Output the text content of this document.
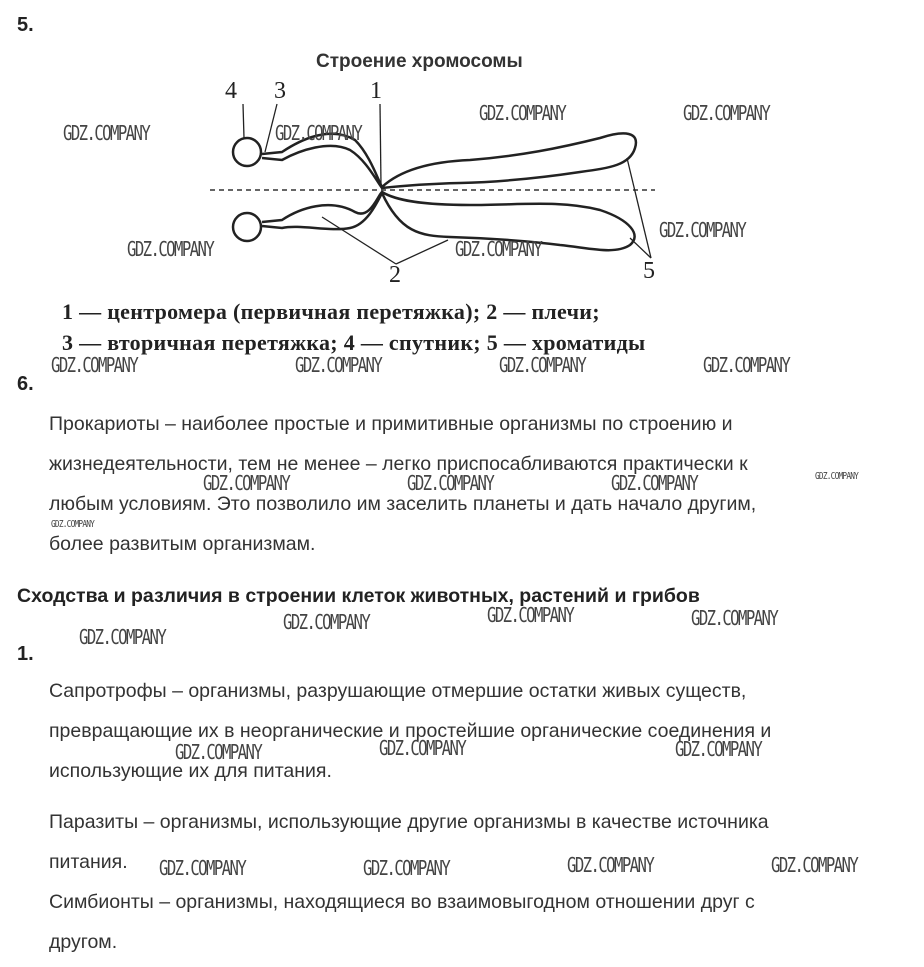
5.
Строение хромосомы
4 3	1
2	5
1 — центромера (первичная перетяжка); 2 — плечи;
3 — вторичная перетяжка; 4 — спутник; 5 — хроматиды
6.
Прокариоты – наиболее простые и примитивные организмы по строению и
жизнедеятельности, тем не менее – легко приспосабливаются практически к
любым условиям. Это позволило им заселить планеты и дать начало другим,
более развитым организмам.
Сходства и различия в строении клеток животных, растений и грибов
1.
Сапротрофы – организмы, разрушающие отмершие остатки живых существ,
превращающие их в неорганические и простейшие органические соединения и
использующие их для питания.
Паразиты – организмы, использующие другие организмы в качестве источника
питания.
Симбионты – организмы, находящиеся во взаимовыгодном отношении друг с
другом.
GDZ.COMPANY	GDZ.COMPANY
GDZ.COMPANY	GDZ.COMPANY
GDZ.COMPANY	GDZ.COMPANY
GDZ.COMPANY
GDZ.COMPANY	GDZ.COMPANY	GDZ.COMPANY	GDZ.COMPANY
GDZ.COMPANY	GDZ.COMPANY	GDZ.COMPANY	GDZ.COMPANY
GDZ.COMPANY
GDZ.COMPANY
GDZ.COMPANY	GDZ.COMPANY	GDZ.COMPANY
GDZ.COMPANY	GDZ.COMPANY	GDZ.COMPANY
GDZ.COMPANY	GDZ.COMPANY	GDZ.COMPANY	GDZ.COMPANY
